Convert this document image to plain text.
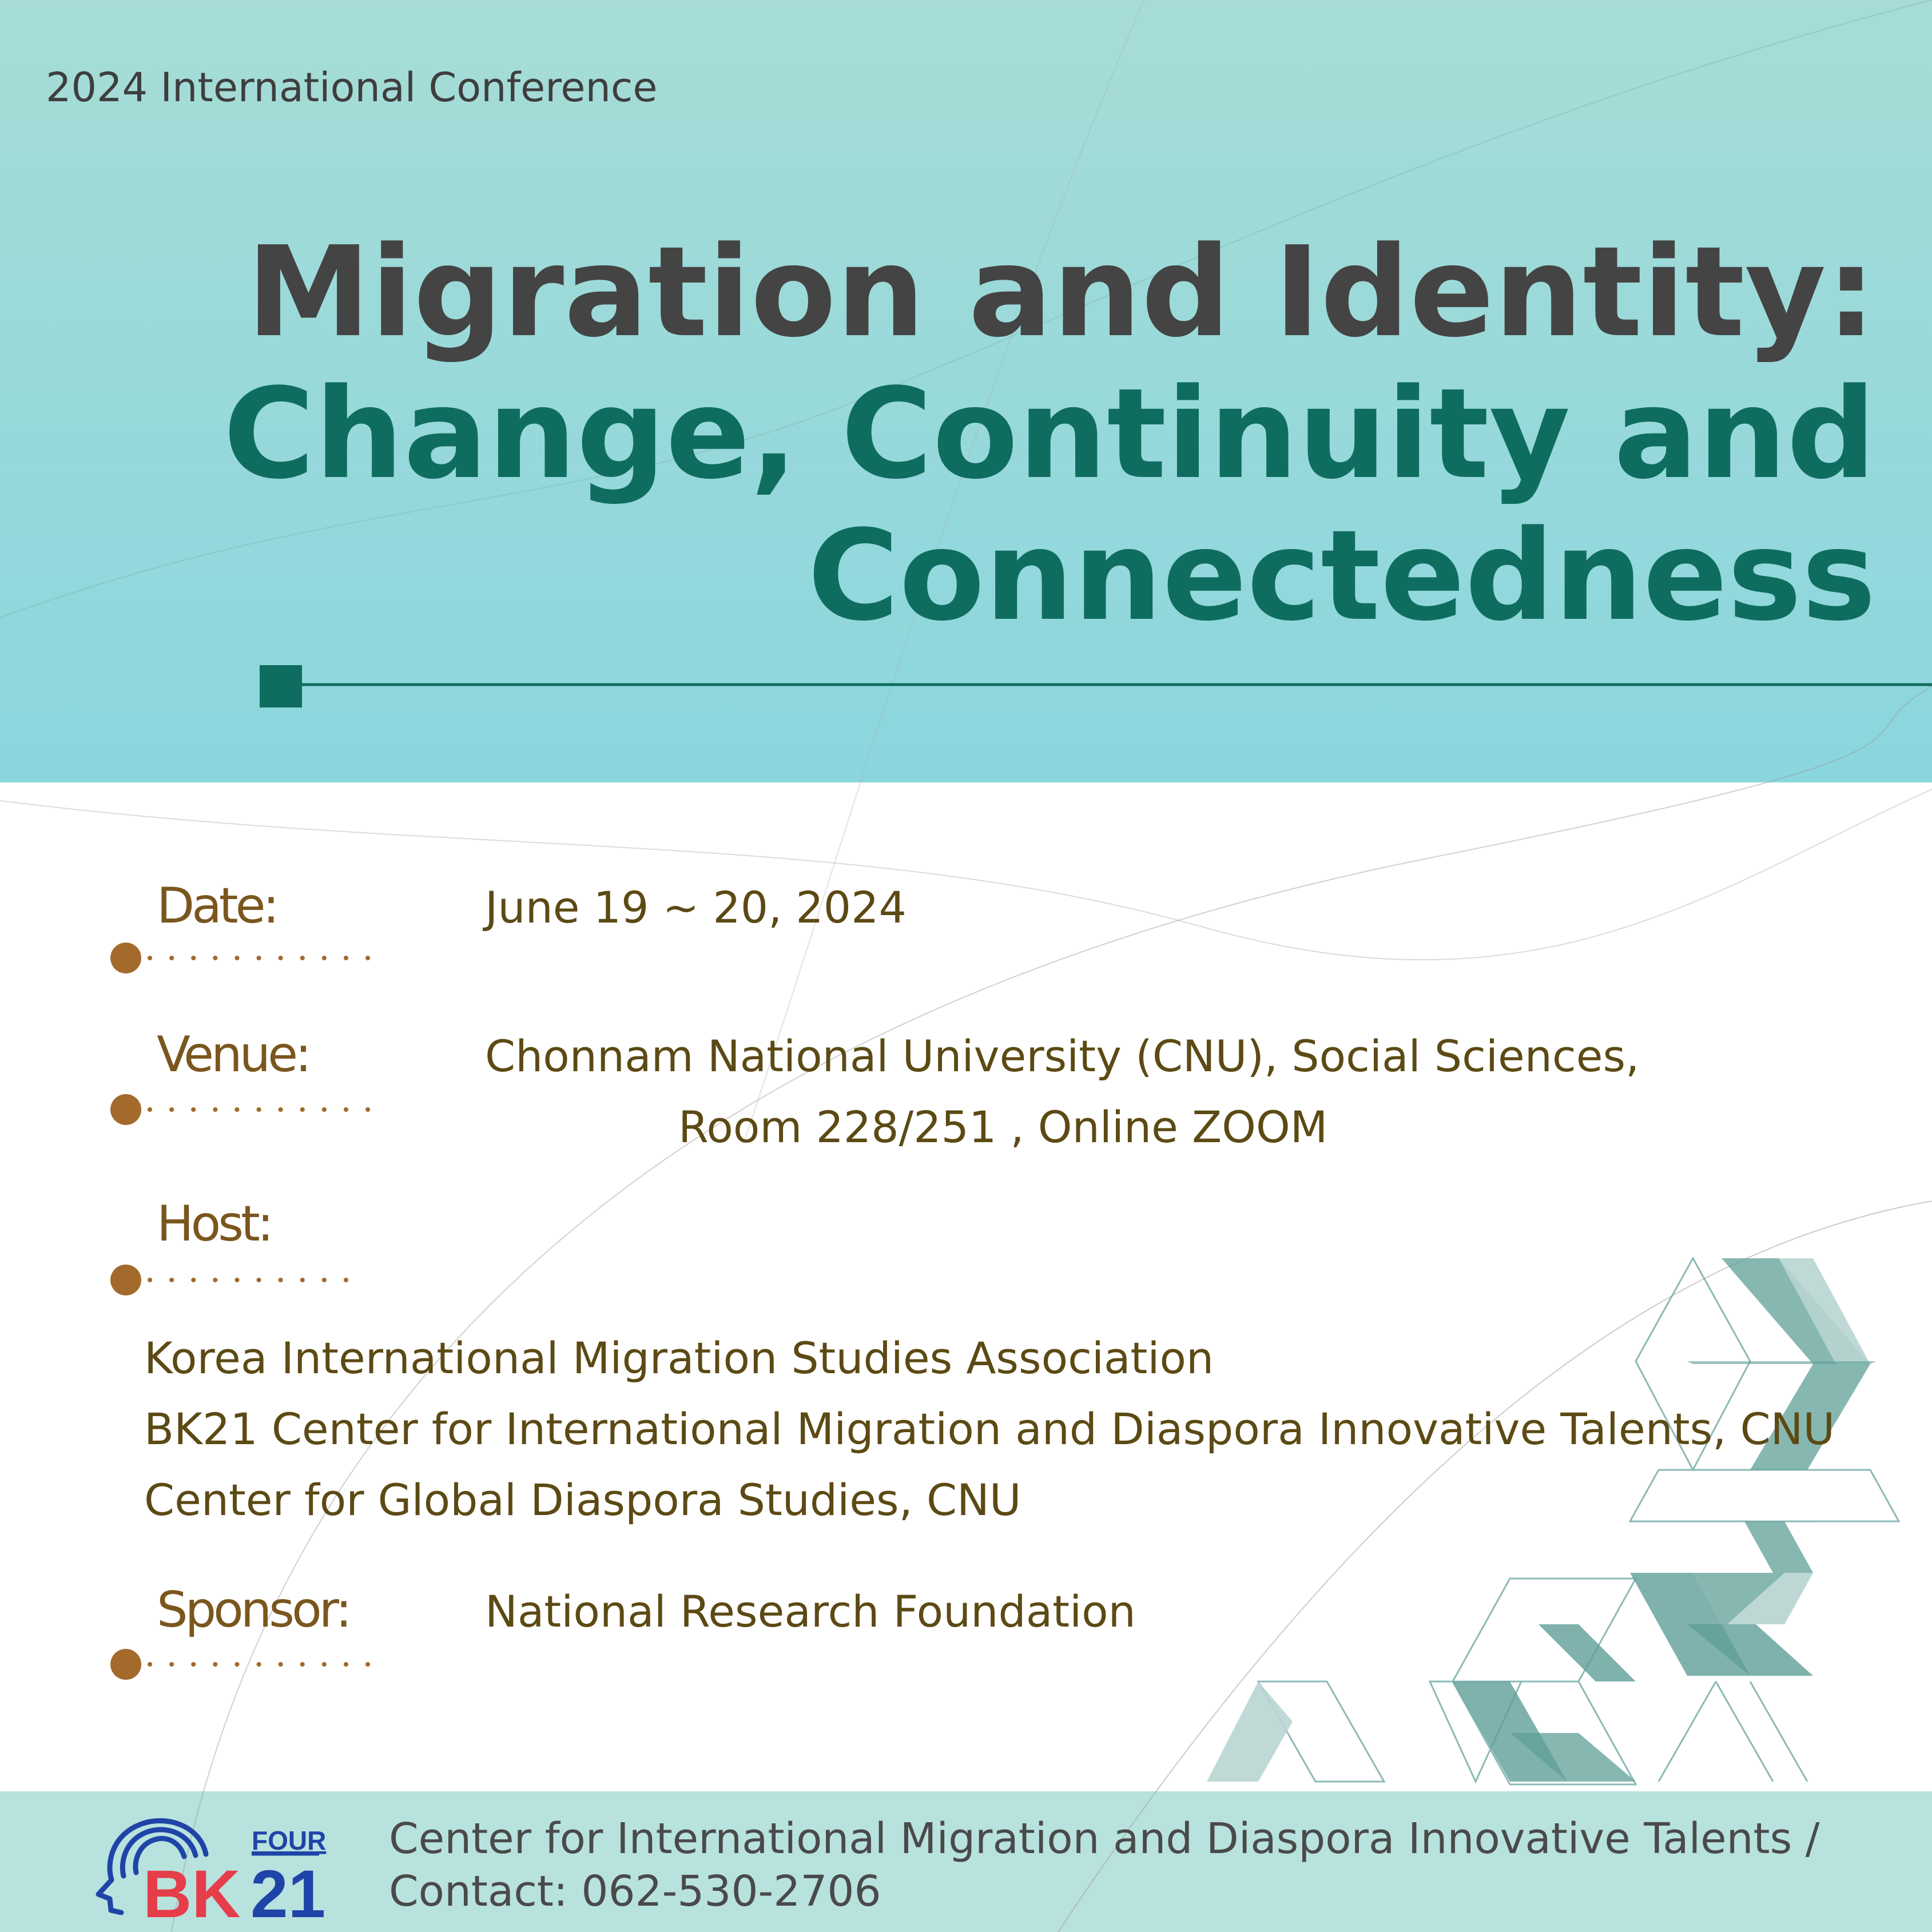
2024 International Conference

Migration and Identity:
Change, Continuity and
Connectedness
Date:	June 19 ~ 20, 2024
Venue:	Chonnam National University (CNU), Social Sciences,
Room 228/251 , Online ZOOM
Host:
Korea International Migration Studies Association
BK21 Center for International Migration and Diaspora Innovative Talents, CNU
Center for Global Diaspora Studies, CNU
Sponsor:	National Research Foundation
FOUR
BK 21
Center for International Migration and Diaspora Innovative Talents /
Contact: 062-530-2706
